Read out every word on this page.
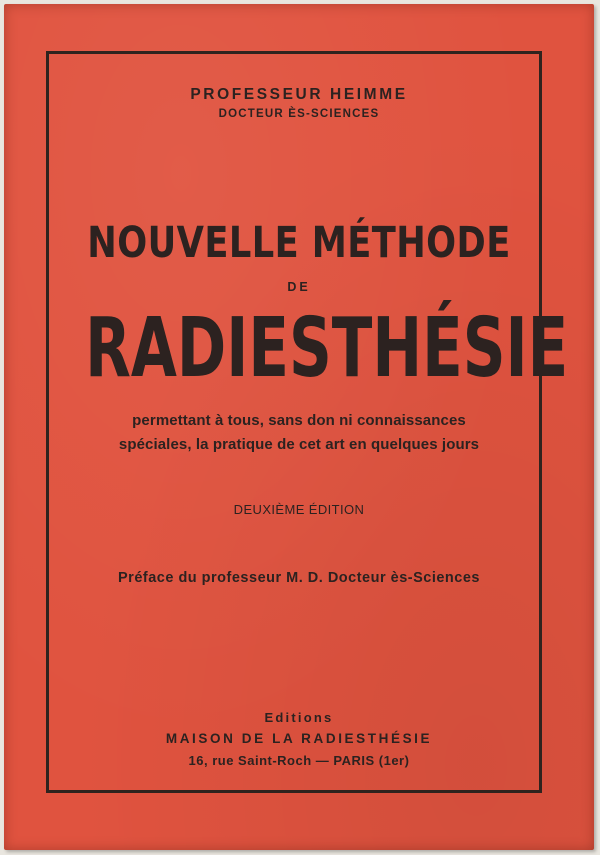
PROFESSEUR HEIMME
DOCTEUR ÈS-SCIENCES
NOUVELLE MÉTHODE
DE
RADIESTHÉSIE
permettant à tous, sans don ni connaissances
spéciales, la pratique de cet art en quelques jours
DEUXIÈME ÉDITION
Préface du professeur M. D. Docteur ès-Sciences
Editions
MAISON DE LA RADIESTHÉSIE
16, rue Saint-Roch — PARIS (1er)
